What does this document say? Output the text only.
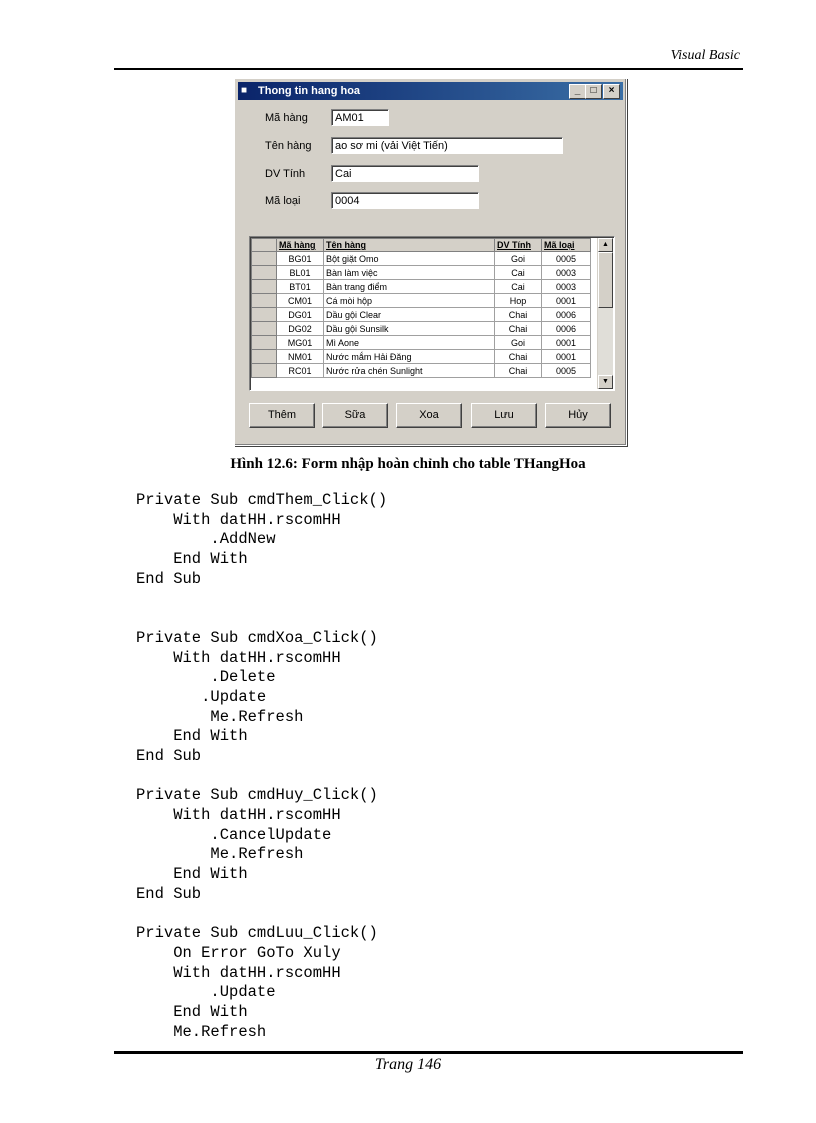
Visual Basic
■ Thong tin hang hoa	_	□	×
Mã hàng	AM01
Tên hàng	ao sơ mi (vải Việt Tiến)
DV Tính	Cai
Mã loại	0004
	Mã hàng	Tên hàng	DV Tính	Mã loại
	BG01	Bột giặt Omo	Goi	0005
	BL01	Bàn làm việc	Cai	0003
	BT01	Bàn trang điểm	Cai	0003
	CM01	Cá mòi hộp	Hop	0001
	DG01	Dầu gội Clear	Chai	0006
	DG02	Dầu gội Sunsilk	Chai	0006
	MG01	Mì Aone	Goi	0001
	NM01	Nước mắm Hải Đăng	Chai	0001
	RC01	Nước rửa chén Sunlight	Chai	0005
▲
▼
Thêm	Sữa	Xoa	Lưu	Hủy
Hình 12.6: Form nhập hoàn chỉnh cho table THangHoa
Private Sub cmdThem_Click()
With datHH.rscomHH
.AddNew
End With
End Sub
Private Sub cmdXoa_Click()
With datHH.rscomHH
.Delete
.Update
Me.Refresh
End With
End Sub
Private Sub cmdHuy_Click()
With datHH.rscomHH
.CancelUpdate
Me.Refresh
End With
End Sub
Private Sub cmdLuu_Click()
On Error GoTo Xuly
With datHH.rscomHH
.Update
End With
Me.Refresh
Trang 146
